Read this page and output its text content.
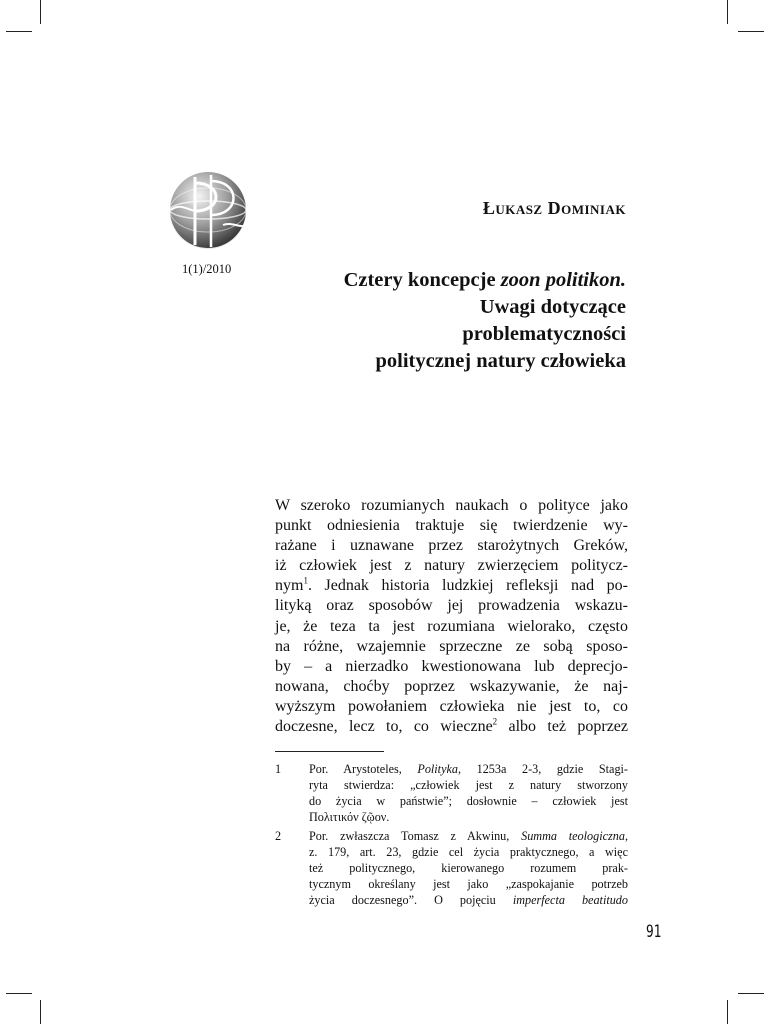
1(1)/2010
Łukasz Dominiak
Cztery koncepcje zoon politikon.
Uwagi dotyczące
problematyczności
politycznej natury człowieka
W szeroko rozumianych naukach o polityce jako
punkt odniesienia traktuje się twierdzenie wy-
rażane i uznawane przez starożytnych Greków,
iż człowiek jest z natury zwierzęciem politycz-
nym$^1$. Jednak historia ludzkiej refleksji nad po-
lityką oraz sposobów jej prowadzenia wskazu-
je, że teza ta jest rozumiana wielorako, często
na różne, wzajemnie sprzeczne ze sobą sposo-
by – a nierzadko kwestionowana lub deprecjo-
nowana, choćby poprzez wskazywanie, że naj-
wyższym powołaniem człowieka nie jest to, co
doczesne, lecz to, co wieczne$^2$ albo też poprzez
1 Por. Arystoteles, Polityka, 1253a 2-3, gdzie Stagi-
ryta stwierdza: „człowiek jest z natury stworzony
do życia w państwie”; dosłownie – człowiek jest
Πολιτικόν ζῷον.
2 Por. zwłaszcza Tomasz z Akwinu, Summa teologiczna,
z. 179, art. 23, gdzie cel życia praktycznego, a więc
też politycznego, kierowanego rozumem prak-
tycznym określany jest jako „zaspokajanie potrzeb
życia doczesnego”. O pojęciu imperfecta beatitudo
91
